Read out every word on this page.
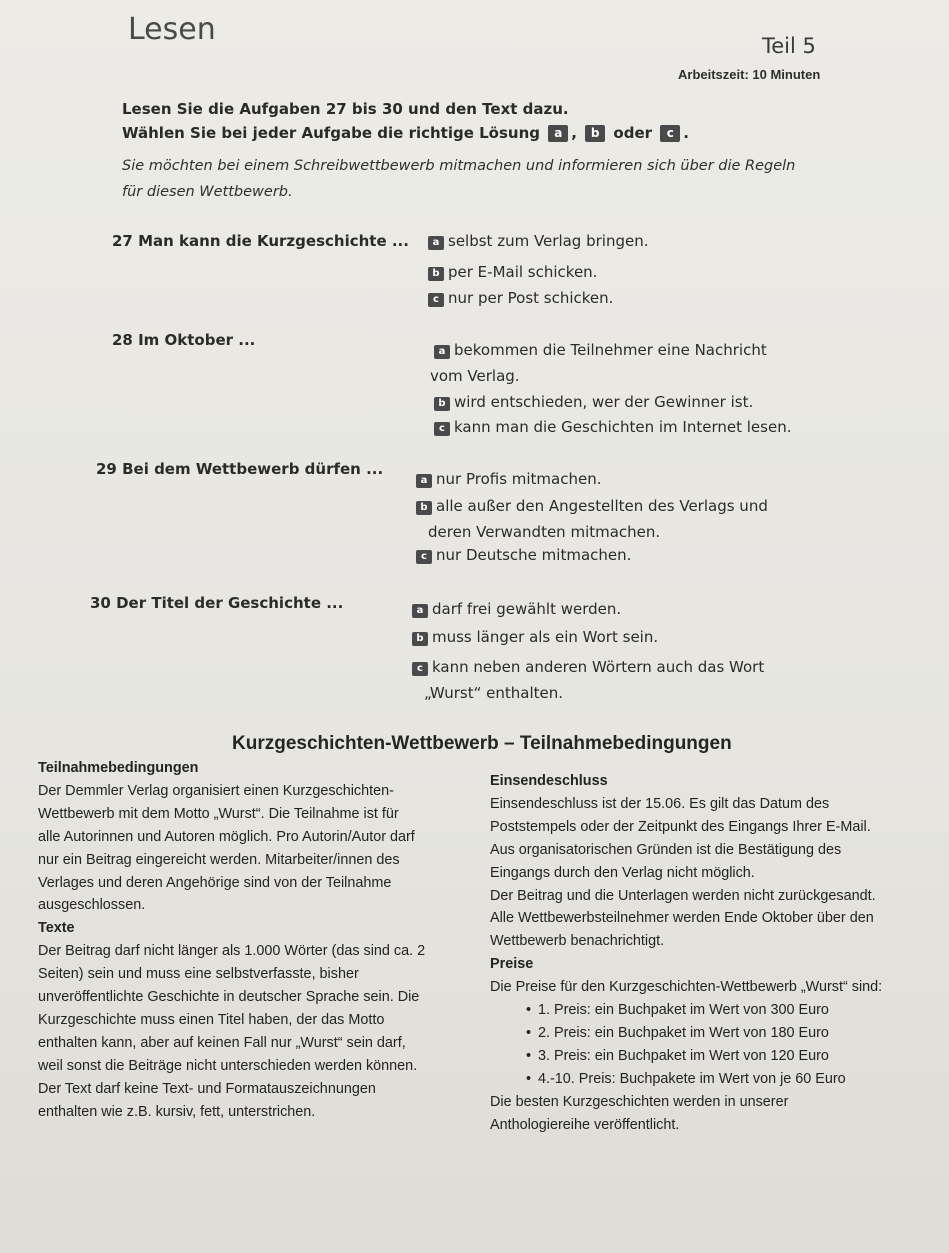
Lesen	Teil 5
Arbeitszeit: 10 Minuten
Lesen Sie die Aufgaben 27 bis 30 und den Text dazu.
Wählen Sie bei jeder Aufgabe die richtige Lösung a , b oder c .
Sie möchten bei einem Schreibwettbewerb mitmachen und informieren sich über die Regeln
für diesen Wettbewerb.
27 Man kann die Kurzgeschichte ...	a selbst zum Verlag bringen.
b per E-Mail schicken.
c nur per Post schicken.
28 Im Oktober ...
a bekommen die Teilnehmer eine Nachricht
vom Verlag.
b wird entschieden, wer der Gewinner ist.
c kann man die Geschichten im Internet lesen.
29 Bei dem Wettbewerb dürfen ...
a nur Profis mitmachen.
b alle außer den Angestellten des Verlags und
deren Verwandten mitmachen.
c nur Deutsche mitmachen.
30 Der Titel der Geschichte ...	a darf frei gewählt werden.
b muss länger als ein Wort sein.
c kann neben anderen Wörtern auch das Wort
„Wurst“ enthalten.
Kurzgeschichten-Wettbewerb – Teilnahmebedingungen
Teilnahmebedingungen
Der Demmler Verlag organisiert einen Kurzgeschichten-
Wettbewerb mit dem Motto „Wurst“. Die Teilnahme ist für
alle Autorinnen und Autoren möglich. Pro Autorin/Autor darf
nur ein Beitrag eingereicht werden. Mitarbeiter/innen des
Verlages und deren Angehörige sind von der Teilnahme
ausgeschlossen.
Texte
Der Beitrag darf nicht länger als 1.000 Wörter (das sind ca. 2
Seiten) sein und muss eine selbstverfasste, bisher
unveröffentlichte Geschichte in deutscher Sprache sein. Die
Kurzgeschichte muss einen Titel haben, der das Motto
enthalten kann, aber auf keinen Fall nur „Wurst“ sein darf,
weil sonst die Beiträge nicht unterschieden werden können.
Der Text darf keine Text- und Formatauszeichnungen
enthalten wie z.B. kursiv, fett, unterstrichen.
Einsendeschluss
Einsendeschluss ist der 15.06. Es gilt das Datum des
Poststempels oder der Zeitpunkt des Eingangs Ihrer E-Mail.
Aus organisatorischen Gründen ist die Bestätigung des
Eingangs durch den Verlag nicht möglich.
Der Beitrag und die Unterlagen werden nicht zurückgesandt.
Alle Wettbewerbsteilnehmer werden Ende Oktober über den
Wettbewerb benachrichtigt.
Preise
Die Preise für den Kurzgeschichten-Wettbewerb „Wurst“ sind:
• 1. Preis: ein Buchpaket im Wert von 300 Euro
• 2. Preis: ein Buchpaket im Wert von 180 Euro
• 3. Preis: ein Buchpaket im Wert von 120 Euro
• 4.-10. Preis: Buchpakete im Wert von je 60 Euro
Die besten Kurzgeschichten werden in unserer
Anthologiereihe veröffentlicht.
